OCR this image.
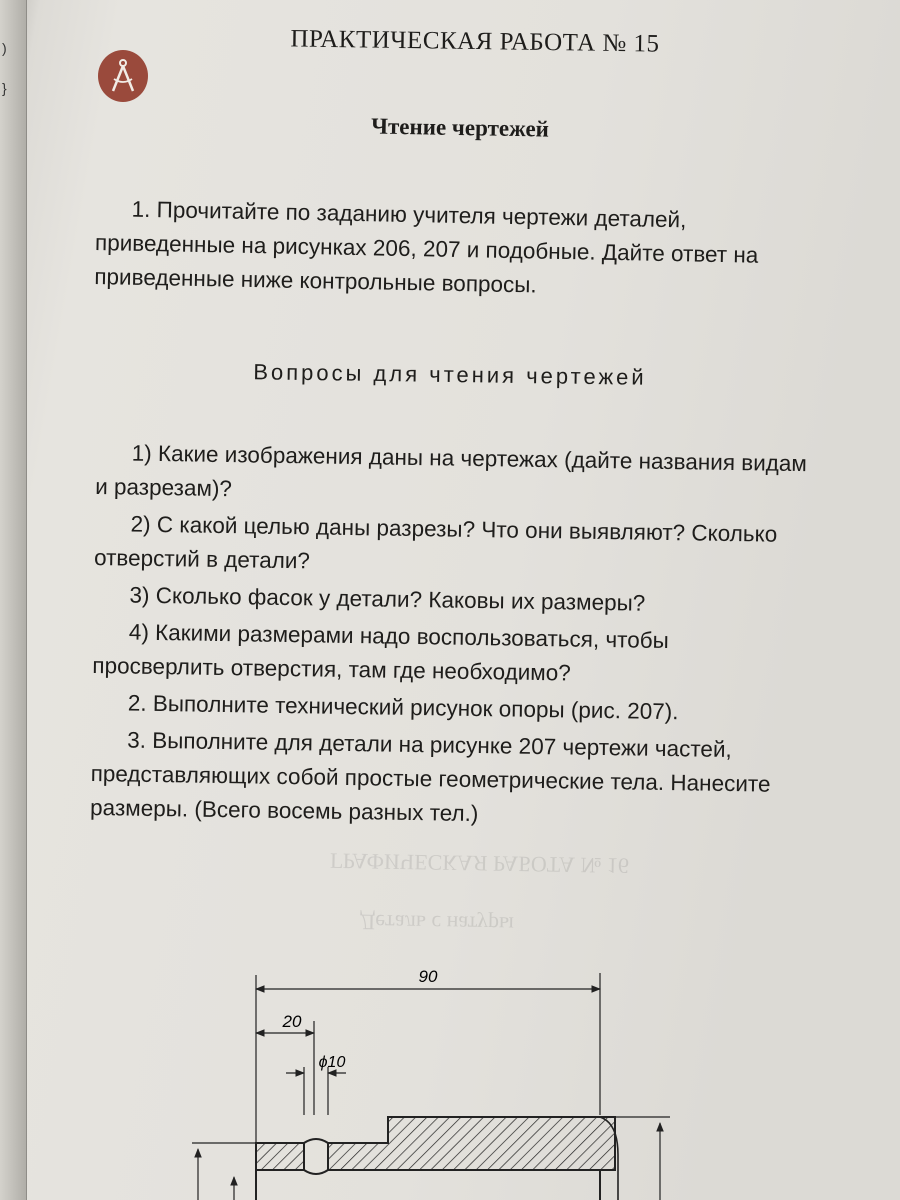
)
}
ГРАФИЧЕСКАЯ РАБОТА № 16
Деталь с натуры
ПРАКТИЧЕСКАЯ РАБОТА № 15
Чтение чертежей
1. Прочитайте по заданию учителя чертежи деталей, приведенные на рисунках 206, 207 и подобные. Дайте ответ на приведенные ниже контрольные вопросы.
Вопросы для чтения чертежей

1) Какие изображения даны на чертежах (дайте названия видам и разрезам)?

2) С какой целью даны разрезы? Что они выявляют? Сколько отверстий в детали?

3) Сколько фасок у детали? Каковы их размеры?

4) Какими размерами надо воспользоваться, чтобы просверлить отверстия, там где необходимо?

2. Выполните технический рисунок опоры (рис. 207).

3. Выполните для детали на рисунке 207 чертежи частей, представляющих собой простые геометрические тела. Нанесите размеры. (Всего восемь разных тел.)

90
20
ϕ10
